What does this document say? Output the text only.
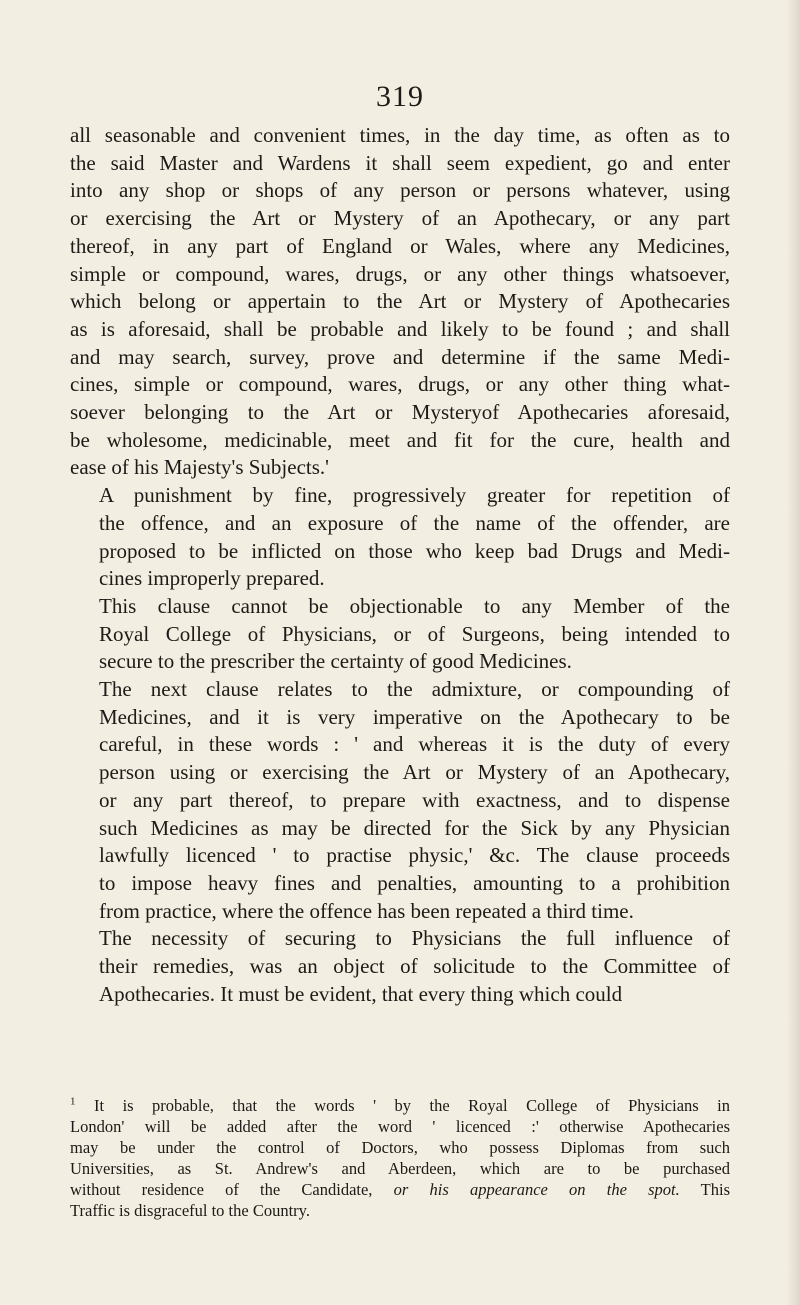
319

all seasonable and convenient times, in the day time, as often as to
the said Master and Wardens it shall seem expedient, go and enter
into any shop or shops of any person or persons whatever, using
or exercising the Art or Mystery of an Apothecary, or any part
thereof, in any part of England or Wales, where any Medicines,
simple or compound, wares, drugs, or any other things whatsoever,
which belong or appertain to the Art or Mystery of Apothecaries
as is aforesaid, shall be probable and likely to be found ; and shall
and may search, survey, prove and determine if the same Medi-
cines, simple or compound, wares, drugs, or any other thing what-
soever belonging to the Art or Mysteryof Apothecaries aforesaid,
be wholesome, medicinable, meet and fit for the cure, health and
ease of his Majesty's Subjects.'

A punishment by fine, progressively greater for repetition of
the offence, and an exposure of the name of the offender, are
proposed to be inflicted on those who keep bad Drugs and Medi-
cines improperly prepared.

This clause cannot be objectionable to any Member of the
Royal College of Physicians, or of Surgeons, being intended to
secure to the prescriber the certainty of good Medicines.

The next clause relates to the admixture, or compounding of
Medicines, and it is very imperative on the Apothecary to be
careful, in these words : ' and whereas it is the duty of every
person using or exercising the Art or Mystery of an Apothecary,
or any part thereof, to prepare with exactness, and to dispense
such Medicines as may be directed for the Sick by any Physician
lawfully licenced ' to practise physic,' &c. The clause proceeds
to impose heavy fines and penalties, amounting to a prohibition
from practice, where the offence has been repeated a third time.

The necessity of securing to Physicians the full influence of
their remedies, was an object of solicitude to the Committee of
Apothecaries. It must be evident, that every thing which could

$^1$ It is probable, that the words ' by the Royal College of Physicians in

London' will be added after the word ' licenced :' otherwise Apothecaries

may be under the control of Doctors, who possess Diplomas from such

Universities, as St. Andrew's and Aberdeen, which are to be purchased

without residence of the Candidate, or his appearance on the spot. This

Traffic is disgraceful to the Country.
